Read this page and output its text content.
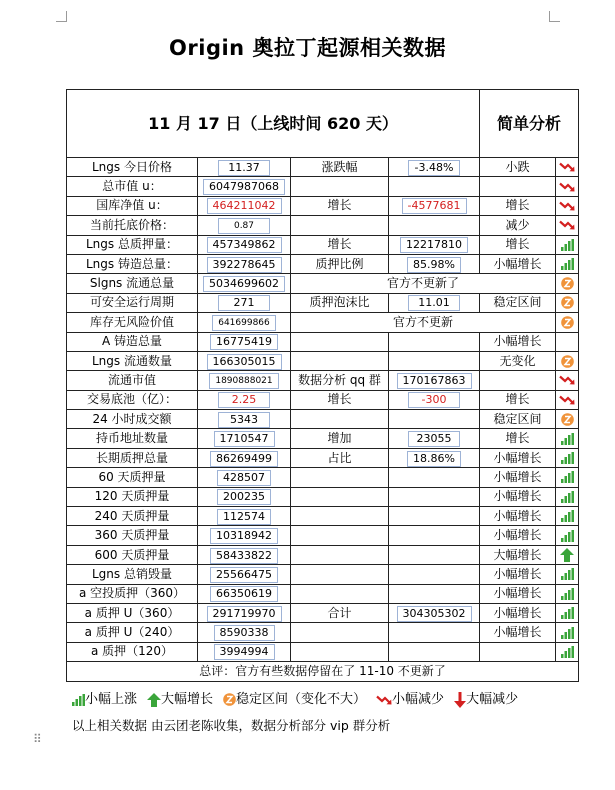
Origin 奥拉丁起源相关数据
11 月 17 日（上线时间 620 天）				简单分析	
Lngs 今日价格	11.37	涨跌幅	-3.48%	小跌	
总市值 u：	6047987068				
国库净值 u：	464211042	增长	-4577681	增长	
当前托底价格：	0.87			减少	
Lngs 总质押量：	457349862	增长	12217810	增长	
Lngs 铸造总量：	392278645	质押比例	85.98%	小幅增长	
Slgns 流通总量	5034699602	官方不更新了	
可安全运行周期	271	质押泡沫比	11.01	稳定区间	
库存无风险价值	641699866	官方不更新	
A 铸造总量	16775419			小幅增长	
Lngs 流通数量	166305015			无变化	
流通市值	1890888021	数据分析 qq 群	170167863		
交易底池（亿）：	2.25	增长	-300	增长	
24 小时成交额	5343			稳定区间	
持币地址数量	1710547	增加	23055	增长	
长期质押总量	86269499	占比	18.86%	小幅增长	
60 天质押量	428507			小幅增长	
120 天质押量	200235			小幅增长	
240 天质押量	112574			小幅增长	
360 天质押量	10318942			小幅增长	
600 天质押量	58433822			大幅增长	
Lgns 总销毁量	25566475			小幅增长	
a 空投质押（360）	66350619			小幅增长	
a 质押 U（360）	291719970	合计	304305302	小幅增长	
a 质押 U（240）	8590338			小幅增长	
a 质押（120）	3994994				
总评：官方有些数据停留在了 11-10 不更新了					
小幅上涨 大幅增长 稳定区间（变化不大） 小幅减少 大幅减少
以上相关数据 由云团老陈收集，数据分析部分 vip 群分析
⠿
